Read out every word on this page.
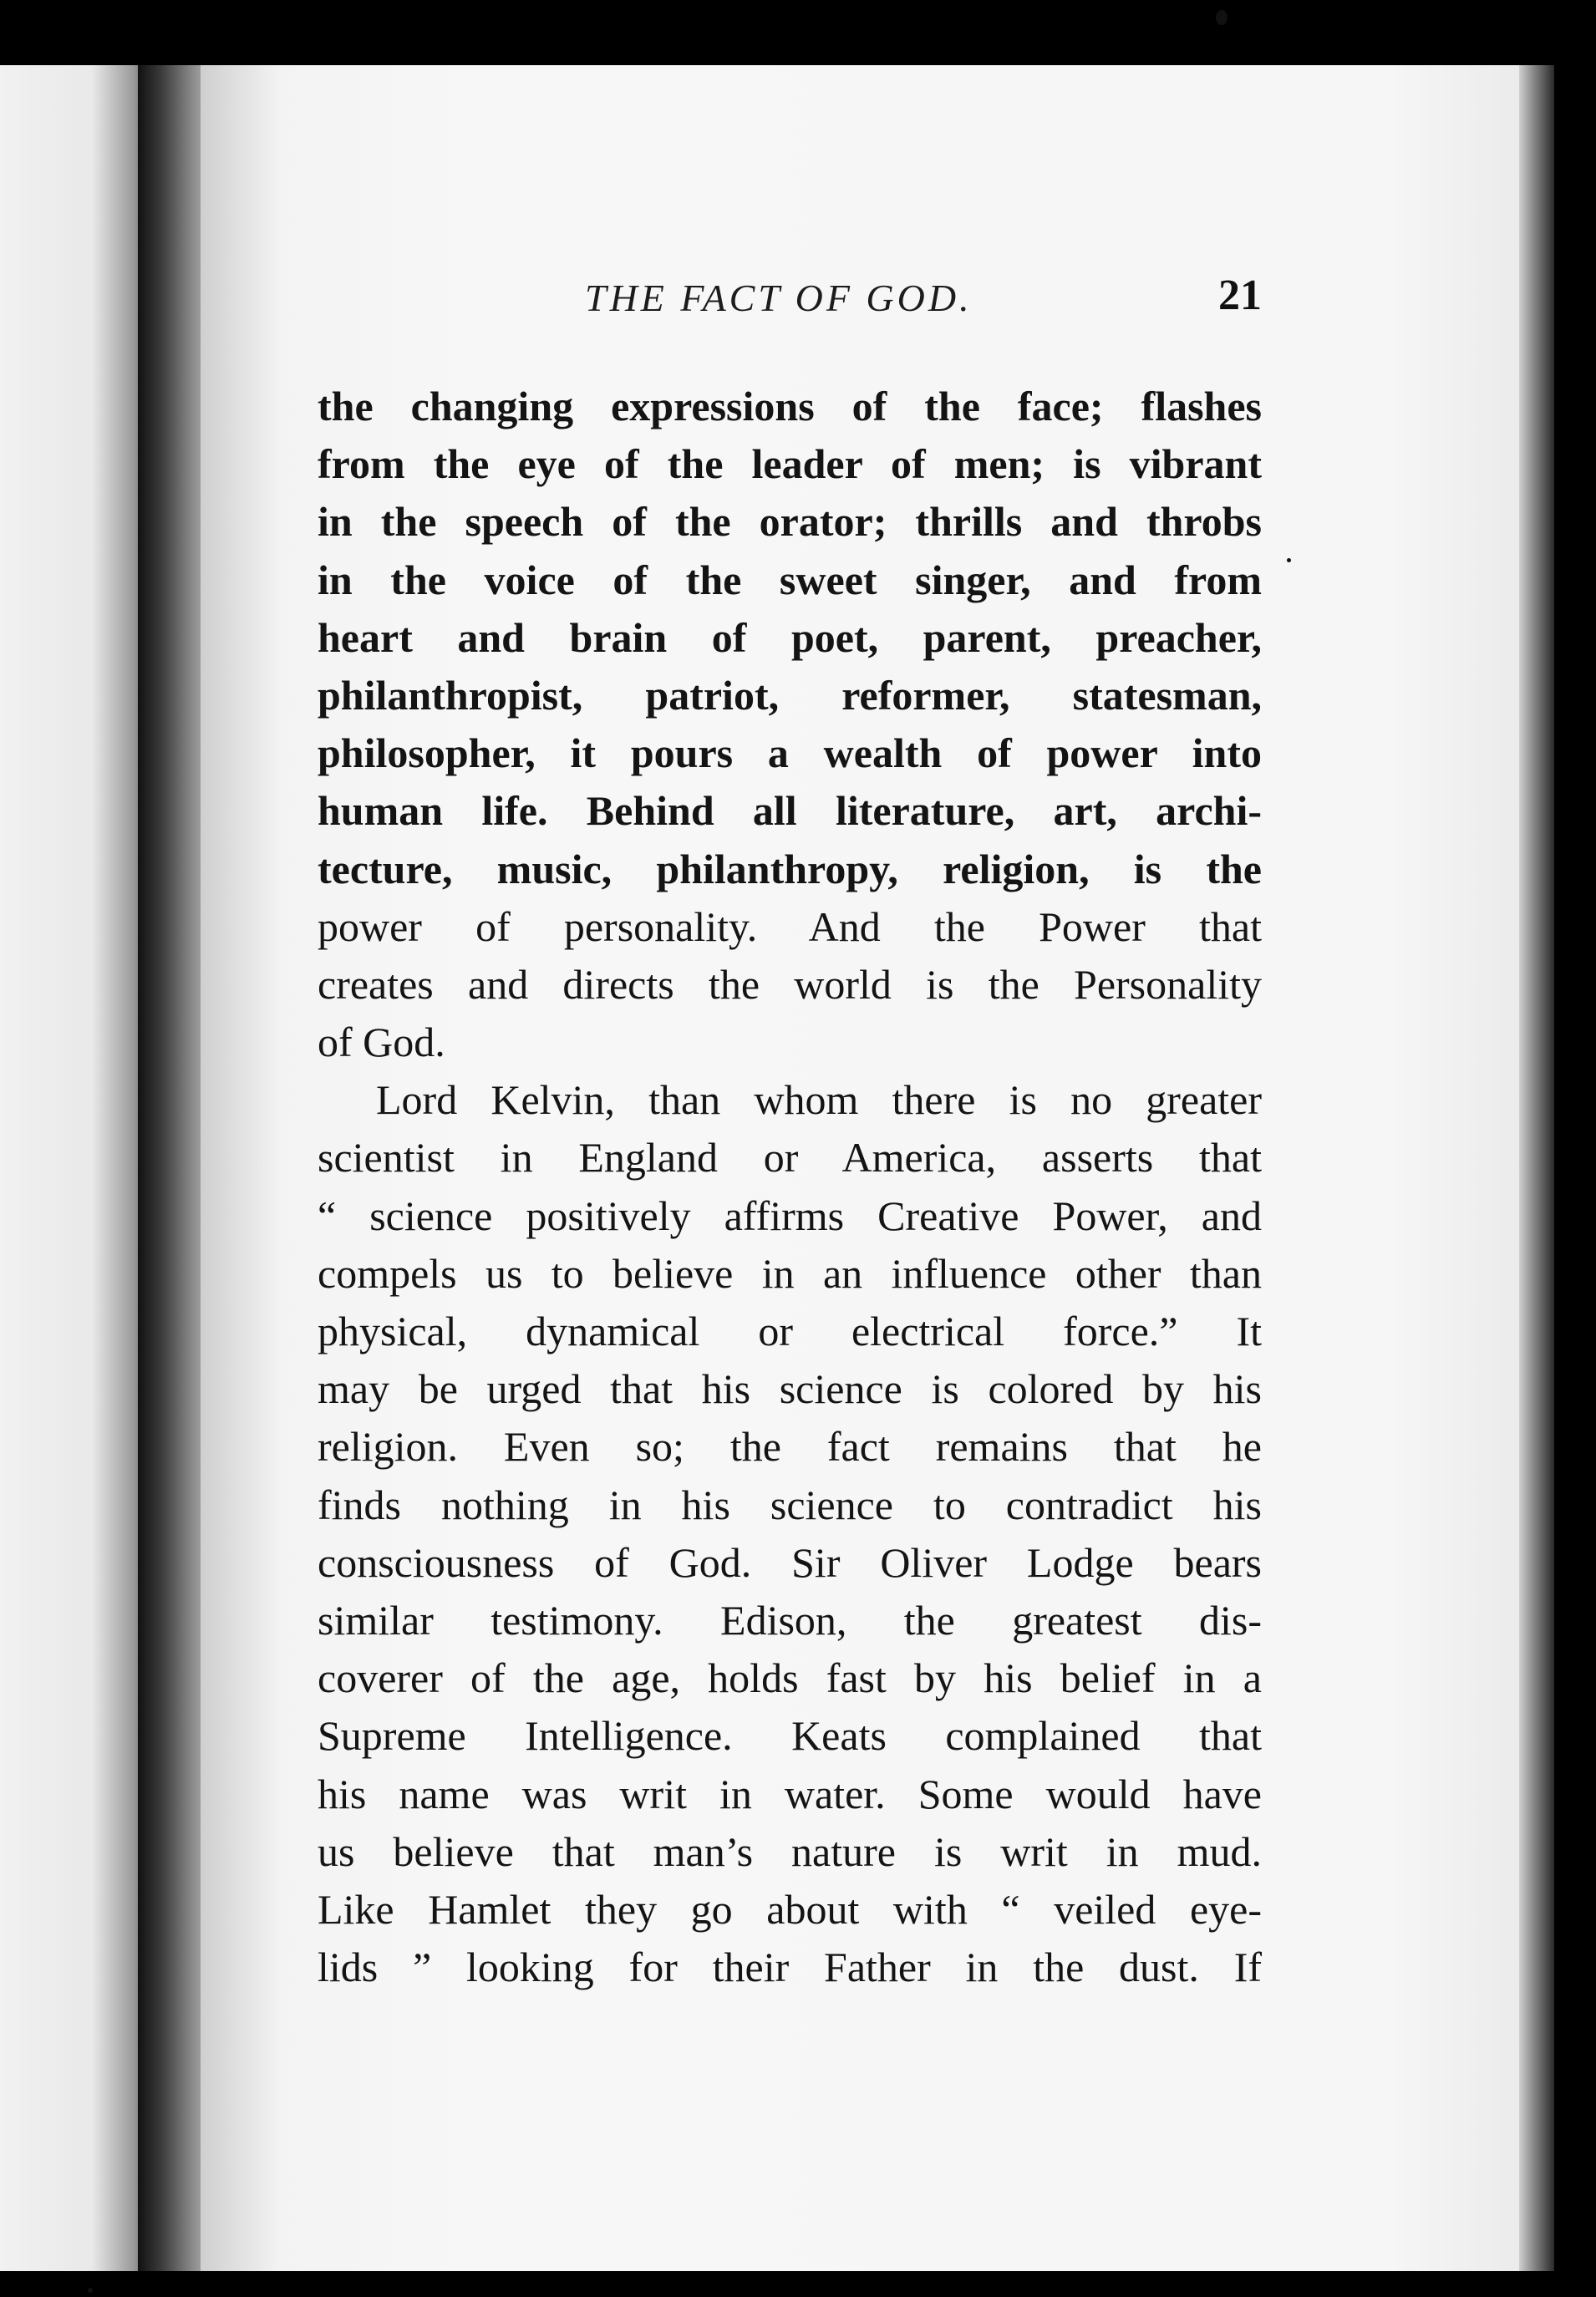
THE FACT OF GOD.	21
the changing expressions of the face; flashes
from the eye of the leader of men; is vibrant
in the speech of the orator; thrills and throbs
in the voice of the sweet singer, and from
heart and brain of poet, parent, preacher,
philanthropist, patriot, reformer, statesman,
philosopher, it pours a wealth of power into
human life. Behind all literature, art, archi-
tecture, music, philanthropy, religion, is the
power of personality. And the Power that
creates and directs the world is the Personality
of God.
Lord Kelvin, than whom there is no greater
scientist in England or America, asserts that
“ science positively affirms Creative Power, and
compels us to believe in an influence other than
physical, dynamical or electrical force.” It
may be urged that his science is colored by his
religion. Even so; the fact remains that he
finds nothing in his science to contradict his
consciousness of God. Sir Oliver Lodge bears
similar testimony. Edison, the greatest dis-
coverer of the age, holds fast by his belief in a
Supreme Intelligence. Keats complained that
his name was writ in water. Some would have
us believe that man’s nature is writ in mud.
Like Hamlet they go about with “ veiled eye-
lids ” looking for their Father in the dust. If
